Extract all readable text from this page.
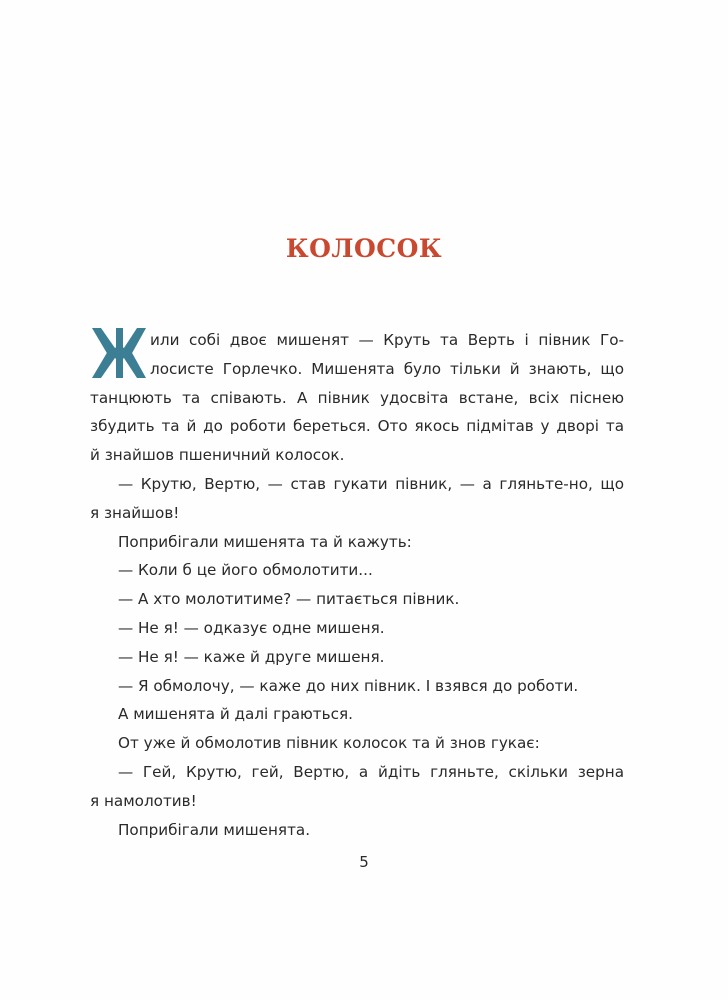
КОЛОСОК
или собі двоє мишенят — Круть та Верть і півник Го-
лосисте Горлечко. Мишенята було тільки й знають, що
танцюють та співають. А півник удосвіта встане, всіх піснею
збудить та й до роботи береться. Ото якось підмітав у дворі та
й знайшов пшеничний колосок.
— Крутю, Вертю, — став гукати півник, — а гляньте-но, що
я знайшов!
Поприбігали мишенята та й кажуть:
— Коли б це його обмолотити...
— А хто молотитиме? — питається півник.
— Не я! — одказує одне мишеня.
— Не я! — каже й друге мишеня.
— Я обмолочу, — каже до них півник. І взявся до роботи.
А мишенята й далі граються.
От уже й обмолотив півник колосок та й знов гукає:
— Гей, Крутю, гей, Вертю, а йдіть гляньте, скільки зерна
я намолотив!
Поприбігали мишенята.
5
